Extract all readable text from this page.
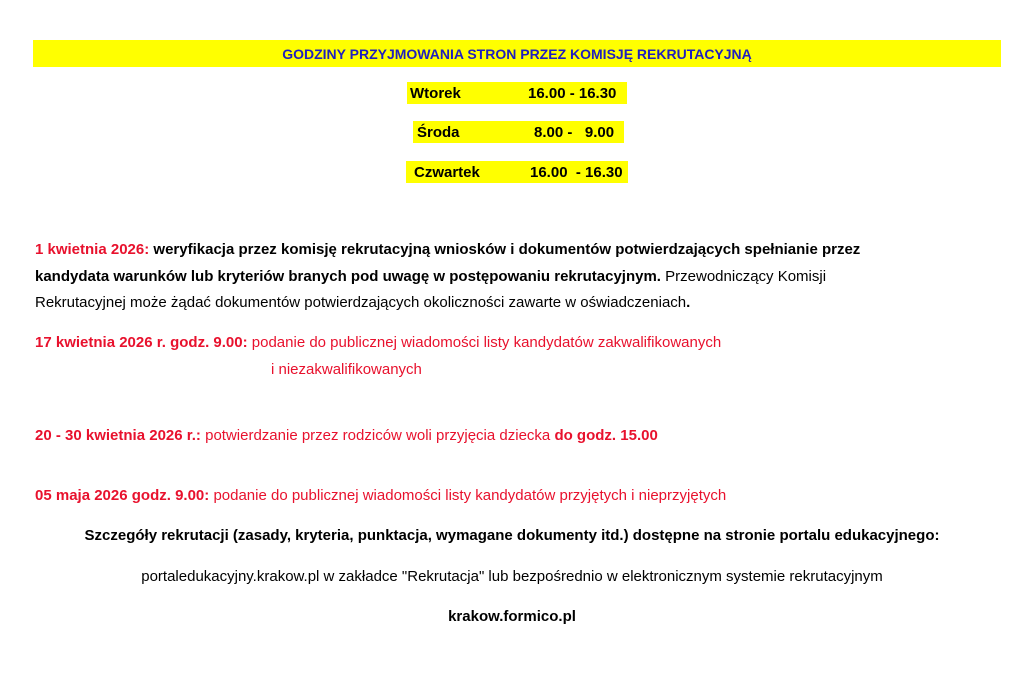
GODZINY PRZYJMOWANIA STRON PRZEZ KOMISJĘ REKRUTACYJNĄ
Wtorek	16.00 - 16.30
Środa	8.00 -   9.00
Czwartek	16.00  - 16.30
1 kwietnia 2026: weryfikacja przez komisję rekrutacyjną wniosków i dokumentów potwierdzających spełnianie przez
kandydata warunków lub kryteriów branych pod uwagę w postępowaniu rekrutacyjnym. Przewodniczący Komisji
Rekrutacyjnej może żądać dokumentów potwierdzających okoliczności zawarte w oświadczeniach.
17 kwietnia 2026 r. godz. 9.00: podanie do publicznej wiadomości listy kandydatów zakwalifikowanych
i niezakwalifikowanych
20 - 30 kwietnia 2026 r.: potwierdzanie przez rodziców woli przyjęcia dziecka do godz. 15.00
05 maja 2026 godz. 9.00: podanie do publicznej wiadomości listy kandydatów przyjętych i nieprzyjętych
Szczegóły rekrutacji (zasady, kryteria, punktacja, wymagane dokumenty itd.) dostępne na stronie portalu edukacyjnego:
portaledukacyjny.krakow.pl w zakładce "Rekrutacja" lub bezpośrednio w elektronicznym systemie rekrutacyjnym
krakow.formico.pl
